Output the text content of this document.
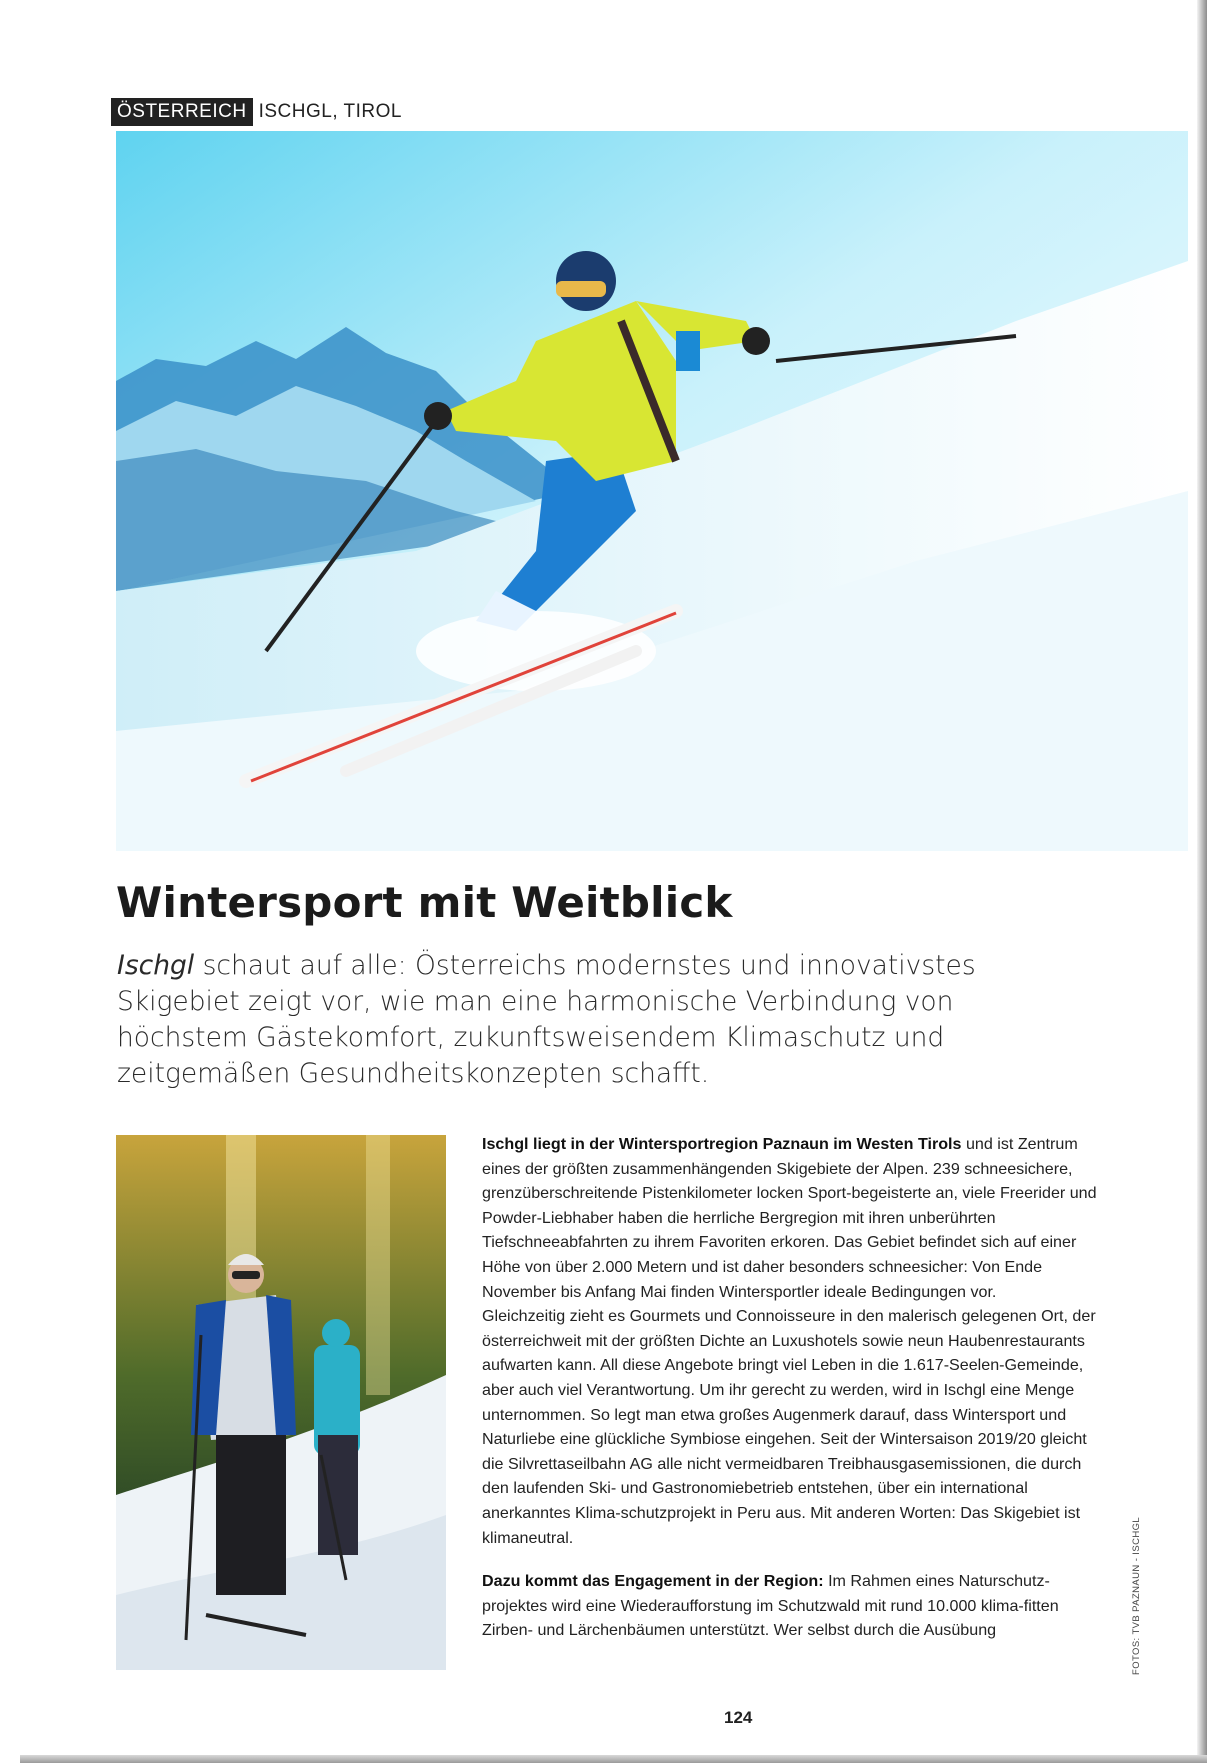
ÖSTERREICH ISCHGL, TIROL
Wintersport mit Weitblick

Ischgl schaut auf alle: Österreichs modernstes und innovativstes Skigebiet zeigt vor, wie man eine harmonische Verbindung von höchstem Gästekomfort, zukunftsweisendem Klimaschutz und zeitgemäßen Gesundheitskonzepten schafft.

Ischgl liegt in der Wintersportregion Paznaun im Westen Tirols und ist Zentrum eines der größten zusammenhängenden Skigebiete der Alpen. 239 schneesichere, grenzüberschreitende Pistenkilometer locken Sport-begeisterte an, viele Freerider und Powder-Liebhaber haben die herrliche Bergregion mit ihren unberührten Tiefschneeabfahrten zu ihrem Favoriten erkoren. Das Gebiet befindet sich auf einer Höhe von über 2.000 Metern und ist daher besonders schneesicher: Von Ende November bis Anfang Mai finden Wintersportler ideale Bedingungen vor.

Gleichzeitig zieht es Gourmets und Connoisseure in den malerisch gelegenen Ort, der österreichweit mit der größten Dichte an Luxushotels sowie neun Haubenrestaurants aufwarten kann. All diese Angebote bringt viel Leben in die 1.617-Seelen-Gemeinde, aber auch viel Verantwortung. Um ihr gerecht zu werden, wird in Ischgl eine Menge unternommen. So legt man etwa großes Augenmerk darauf, dass Wintersport und Naturliebe eine glückliche Symbiose eingehen. Seit der Wintersaison 2019/20 gleicht die Silvrettaseilbahn AG alle nicht vermeidbaren Treibhausgasemissionen, die durch den laufenden Ski- und Gastronomiebetrieb entstehen, über ein international anerkanntes Klima-schutzprojekt in Peru aus. Mit anderen Worten: Das Skigebiet ist klimaneutral.

Dazu kommt das Engagement in der Region: Im Rahmen eines Naturschutz-projektes wird eine Wiederaufforstung im Schutzwald mit rund 10.000 klima-fitten Zirben- und Lärchenbäumen unterstützt. Wer selbst durch die Ausübung	FOTOS: TVB PAZNAUN - ISCHGL
124
